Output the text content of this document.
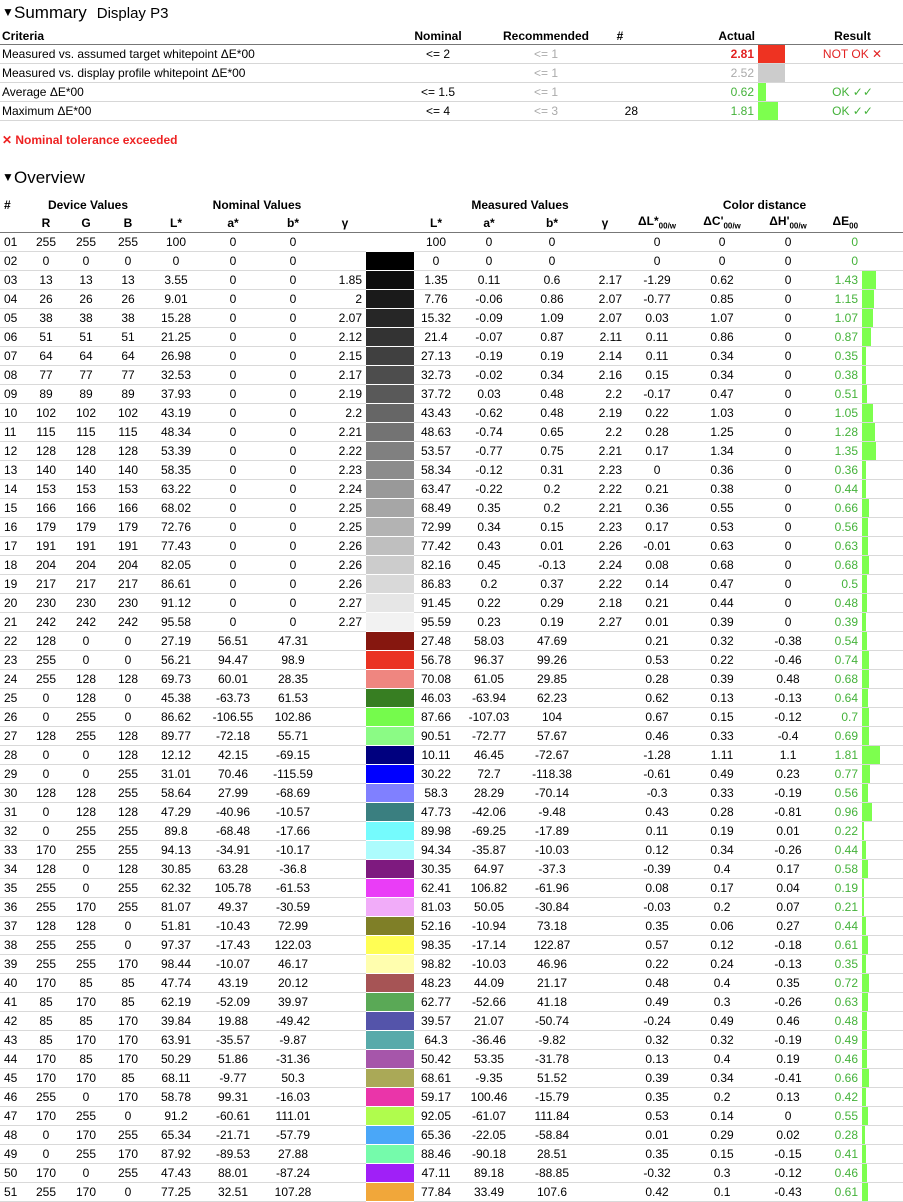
▼Summary Display P3
Criteria	Nominal	Recommended	#	Actual		Result
Measured vs. assumed target whitepoint ΔE*00	<= 2	<= 1		2.81		NOT OK ✕
Measured vs. display profile whitepoint ΔE*00		<= 1		2.52		
Average ΔE*00	<= 1.5	<= 1		0.62		OK ✓✓
Maximum ΔE*00	<= 4	<= 3	28	1.81		OK ✓✓
✕ Nominal tolerance exceeded
▼Overview
#	Device Values			Nominal Values					Measured Values				Color distance				
	R	G	B	L*	a*	b*	γ		L*	a*	b*	γ	$\Delta L*_{00/w}$	$\Delta C'_{00/w}$	$\Delta H'_{00/w}$	$\Delta E_{00}$	
01	255	255	255	100	0	0			100	0	0		0	0	0	0	
02	0	0	0	0	0	0			0	0	0		0	0	0	0	
03	13	13	13	3.55	0	0	1.85		1.35	0.11	0.6	2.17	-1.29	0.62	0	1.43	
04	26	26	26	9.01	0	0	2		7.76	-0.06	0.86	2.07	-0.77	0.85	0	1.15	
05	38	38	38	15.28	0	0	2.07		15.32	-0.09	1.09	2.07	0.03	1.07	0	1.07	
06	51	51	51	21.25	0	0	2.12		21.4	-0.07	0.87	2.11	0.11	0.86	0	0.87	
07	64	64	64	26.98	0	0	2.15		27.13	-0.19	0.19	2.14	0.11	0.34	0	0.35	
08	77	77	77	32.53	0	0	2.17		32.73	-0.02	0.34	2.16	0.15	0.34	0	0.38	
09	89	89	89	37.93	0	0	2.19		37.72	0.03	0.48	2.2	-0.17	0.47	0	0.51	
10	102	102	102	43.19	0	0	2.2		43.43	-0.62	0.48	2.19	0.22	1.03	0	1.05	
11	115	115	115	48.34	0	0	2.21		48.63	-0.74	0.65	2.2	0.28	1.25	0	1.28	
12	128	128	128	53.39	0	0	2.22		53.57	-0.77	0.75	2.21	0.17	1.34	0	1.35	
13	140	140	140	58.35	0	0	2.23		58.34	-0.12	0.31	2.23	0	0.36	0	0.36	
14	153	153	153	63.22	0	0	2.24		63.47	-0.22	0.2	2.22	0.21	0.38	0	0.44	
15	166	166	166	68.02	0	0	2.25		68.49	0.35	0.2	2.21	0.36	0.55	0	0.66	
16	179	179	179	72.76	0	0	2.25		72.99	0.34	0.15	2.23	0.17	0.53	0	0.56	
17	191	191	191	77.43	0	0	2.26		77.42	0.43	0.01	2.26	-0.01	0.63	0	0.63	
18	204	204	204	82.05	0	0	2.26		82.16	0.45	-0.13	2.24	0.08	0.68	0	0.68	
19	217	217	217	86.61	0	0	2.26		86.83	0.2	0.37	2.22	0.14	0.47	0	0.5	
20	230	230	230	91.12	0	0	2.27		91.45	0.22	0.29	2.18	0.21	0.44	0	0.48	
21	242	242	242	95.58	0	0	2.27		95.59	0.23	0.19	2.27	0.01	0.39	0	0.39	
22	128	0	0	27.19	56.51	47.31			27.48	58.03	47.69		0.21	0.32	-0.38	0.54	
23	255	0	0	56.21	94.47	98.9			56.78	96.37	99.26		0.53	0.22	-0.46	0.74	
24	255	128	128	69.73	60.01	28.35			70.08	61.05	29.85		0.28	0.39	0.48	0.68	
25	0	128	0	45.38	-63.73	61.53			46.03	-63.94	62.23		0.62	0.13	-0.13	0.64	
26	0	255	0	86.62	-106.55	102.86			87.66	-107.03	104		0.67	0.15	-0.12	0.7	
27	128	255	128	89.77	-72.18	55.71			90.51	-72.77	57.67		0.46	0.33	-0.4	0.69	
28	0	0	128	12.12	42.15	-69.15			10.11	46.45	-72.67		-1.28	1.11	1.1	1.81	
29	0	0	255	31.01	70.46	-115.59			30.22	72.7	-118.38		-0.61	0.49	0.23	0.77	
30	128	128	255	58.64	27.99	-68.69			58.3	28.29	-70.14		-0.3	0.33	-0.19	0.56	
31	0	128	128	47.29	-40.96	-10.57			47.73	-42.06	-9.48		0.43	0.28	-0.81	0.96	
32	0	255	255	89.8	-68.48	-17.66			89.98	-69.25	-17.89		0.11	0.19	0.01	0.22	
33	170	255	255	94.13	-34.91	-10.17			94.34	-35.87	-10.03		0.12	0.34	-0.26	0.44	
34	128	0	128	30.85	63.28	-36.8			30.35	64.97	-37.3		-0.39	0.4	0.17	0.58	
35	255	0	255	62.32	105.78	-61.53			62.41	106.82	-61.96		0.08	0.17	0.04	0.19	
36	255	170	255	81.07	49.37	-30.59			81.03	50.05	-30.84		-0.03	0.2	0.07	0.21	
37	128	128	0	51.81	-10.43	72.99			52.16	-10.94	73.18		0.35	0.06	0.27	0.44	
38	255	255	0	97.37	-17.43	122.03			98.35	-17.14	122.87		0.57	0.12	-0.18	0.61	
39	255	255	170	98.44	-10.07	46.17			98.82	-10.03	46.96		0.22	0.24	-0.13	0.35	
40	170	85	85	47.74	43.19	20.12			48.23	44.09	21.17		0.48	0.4	0.35	0.72	
41	85	170	85	62.19	-52.09	39.97			62.77	-52.66	41.18		0.49	0.3	-0.26	0.63	
42	85	85	170	39.84	19.88	-49.42			39.57	21.07	-50.74		-0.24	0.49	0.46	0.48	
43	85	170	170	63.91	-35.57	-9.87			64.3	-36.46	-9.82		0.32	0.32	-0.19	0.49	
44	170	85	170	50.29	51.86	-31.36			50.42	53.35	-31.78		0.13	0.4	0.19	0.46	
45	170	170	85	68.11	-9.77	50.3			68.61	-9.35	51.52		0.39	0.34	-0.41	0.66	
46	255	0	170	58.78	99.31	-16.03			59.17	100.46	-15.79		0.35	0.2	0.13	0.42	
47	170	255	0	91.2	-60.61	111.01			92.05	-61.07	111.84		0.53	0.14	0	0.55	
48	0	170	255	65.34	-21.71	-57.79			65.36	-22.05	-58.84		0.01	0.29	0.02	0.28	
49	0	255	170	87.92	-89.53	27.88			88.46	-90.18	28.51		0.35	0.15	-0.15	0.41	
50	170	0	255	47.43	88.01	-87.24			47.11	89.18	-88.85		-0.32	0.3	-0.12	0.46	
51	255	170	0	77.25	32.51	107.28			77.84	33.49	107.6		0.42	0.1	-0.43	0.61	
